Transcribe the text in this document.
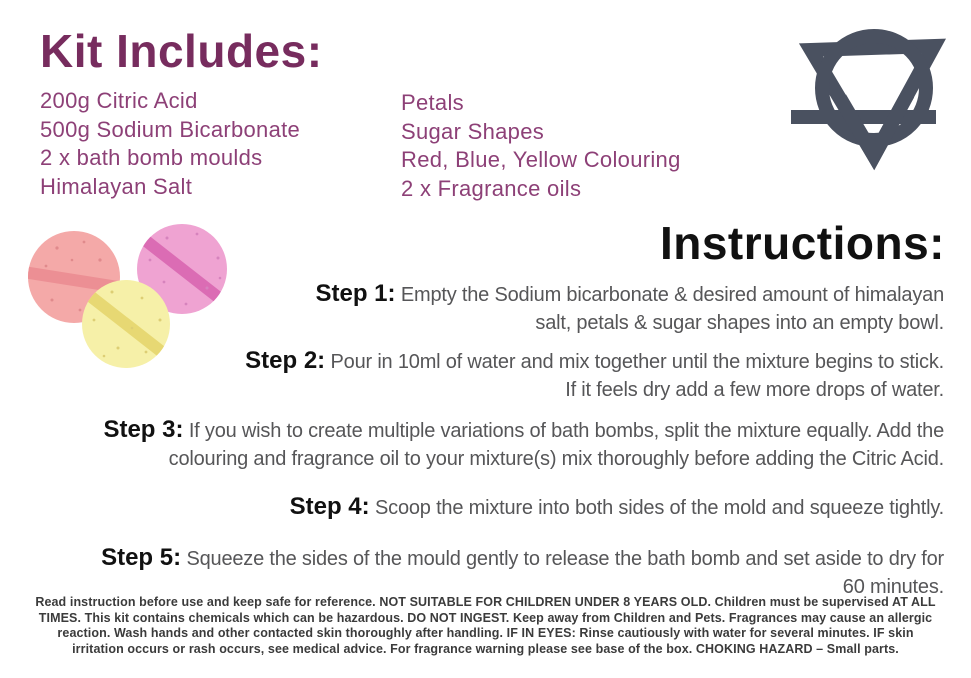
Kit Includes:
200g Citric Acid
500g Sodium Bicarbonate
2 x bath bomb moulds
Himalayan Salt
Petals
Sugar Shapes
Red, Blue, Yellow Colouring
2 x Fragrance oils
Instructions:

Step 1: Empty the Sodium bicarbonate & desired amount of himalayan salt, petals & sugar shapes into an empty bowl.

Step 2: Pour in 10ml of water and mix together until the mixture begins to stick. If it feels dry add a few more drops of water.

Step 3: If you wish to create multiple variations of bath bombs, split the mixture equally. Add the colouring and fragrance oil to your mixture(s) mix thoroughly before adding the Citric Acid.

Step 4: Scoop the mixture into both sides of the mold and squeeze tightly.

Step 5: Squeeze the sides of the mould gently to release the bath bomb and set aside to dry for 60 minutes.

Read instruction before use and keep safe for reference. NOT SUITABLE FOR CHILDREN UNDER 8 YEARS OLD. Children must be supervised AT ALL TIMES. This kit contains chemicals which can be hazardous. DO NOT INGEST. Keep away from Children and Pets. Fragrances may cause an allergic reaction. Wash hands and other contacted skin thoroughly after handling. IF IN EYES: Rinse cautiously with water for several minutes. IF skin irritation occurs or rash occurs, see medical advice. For fragrance warning please see base of the box. CHOKING HAZARD – Small parts.
